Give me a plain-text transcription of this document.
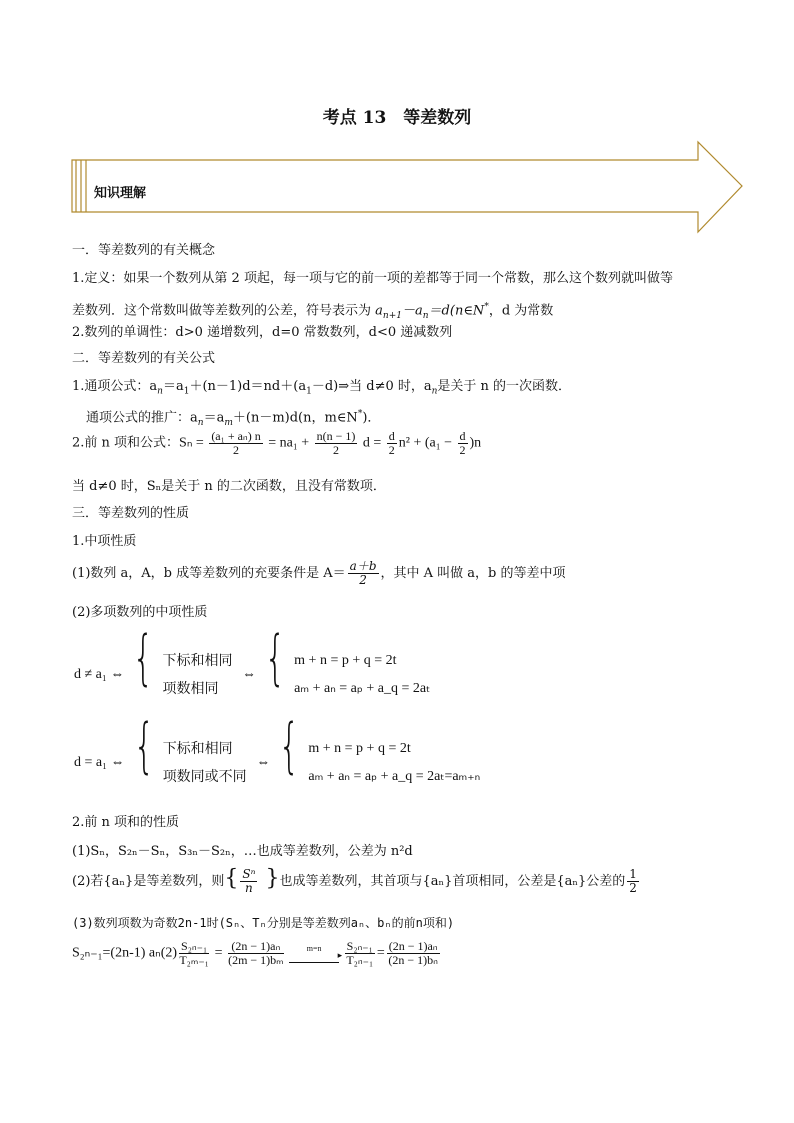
考点 13　等差数列
知识理解
一．等差数列的有关概念
1.定义：如果一个数列从第 2 项起，每一项与它的前一项的差都等于同一个常数，那么这个数列就叫做等
差数列．这个常数叫做等差数列的公差，符号表示为 $a_{n+1}-a_n=d(n\in N^*$，d 为常数
2.数列的单调性：d>0 递增数列，d=0 常数数列，d<0 递减数列
二．等差数列的有关公式
1.通项公式：$a_n=a_1+(n-1)d=nd+(a_1-d)\Rightarrow$当 d≠0 时，$a_n$是关于 n 的一次函数．
通项公式的推广：$a_n=a_m+(n-m)d(n$，m∈N*)．
2.前 n 项和公式：$S_n = \frac{\text{(a₁ + aₙ) n}}{2} = na_1 + \frac{n(n - 1)}{2}$ $d = \frac{d}{2} n^2 + (a_1 - \frac{d}{2} )n$
当 d≠0 时，Sₙ是关于 n 的二次函数，且没有常数项．
三．等差数列的性质
1.中项性质
(1)数列 a，A，b 成等差数列的充要条件是 $A= \frac{a+b}{2}$ ，其中 A 叫做 a，b 的等差中项
(2)多项数列的中项性质
d ≠ a₁ ⇔ { 下标和相同
项数相同
⇔ { m + n = p + q = 2t
aₘ + aₙ = aₚ + a_q = 2aₜ
d = a₁ ⇔ { 下标和相同
项数同或不同
⇔ { m + n = p + q = 2t
aₘ + aₙ = aₚ + a_q = 2aₜ=aₘ₊ₙ
2.前 n 项和的性质
(1)Sₙ，S₂ₙ－Sₙ，S₃ₙ－S₂ₙ，…也成等差数列，公差为 n²d
(2)若{aₙ}是等差数列，则{ $\frac{\text{Sⁿ}}{n}$ }也成等差数列，其首项与{aₙ}首项相同，公差是{aₙ}公差的 $\frac{1}{2}$
(3)数列项数为奇数2n-1时(Sₙ、Tₙ分别是等差数列aₙ、bₙ的前n项和)
S₂ₙ₋₁=(2n-1) $a_n(2) \frac{\text{S₂ₙ₋₁}}{\text{T₂ₘ₋₁}} = \frac{\text{(2n − 1)aₙ}}{\text{(2m − 1)bₘ}}$
	m=n

▸
$\frac{\text{S₂ₙ₋₁}}{\text{T₂ₙ₋₁}} = \frac{\text{(2n − 1)aₙ}}{\text{(2n − 1)bₙ}}$
